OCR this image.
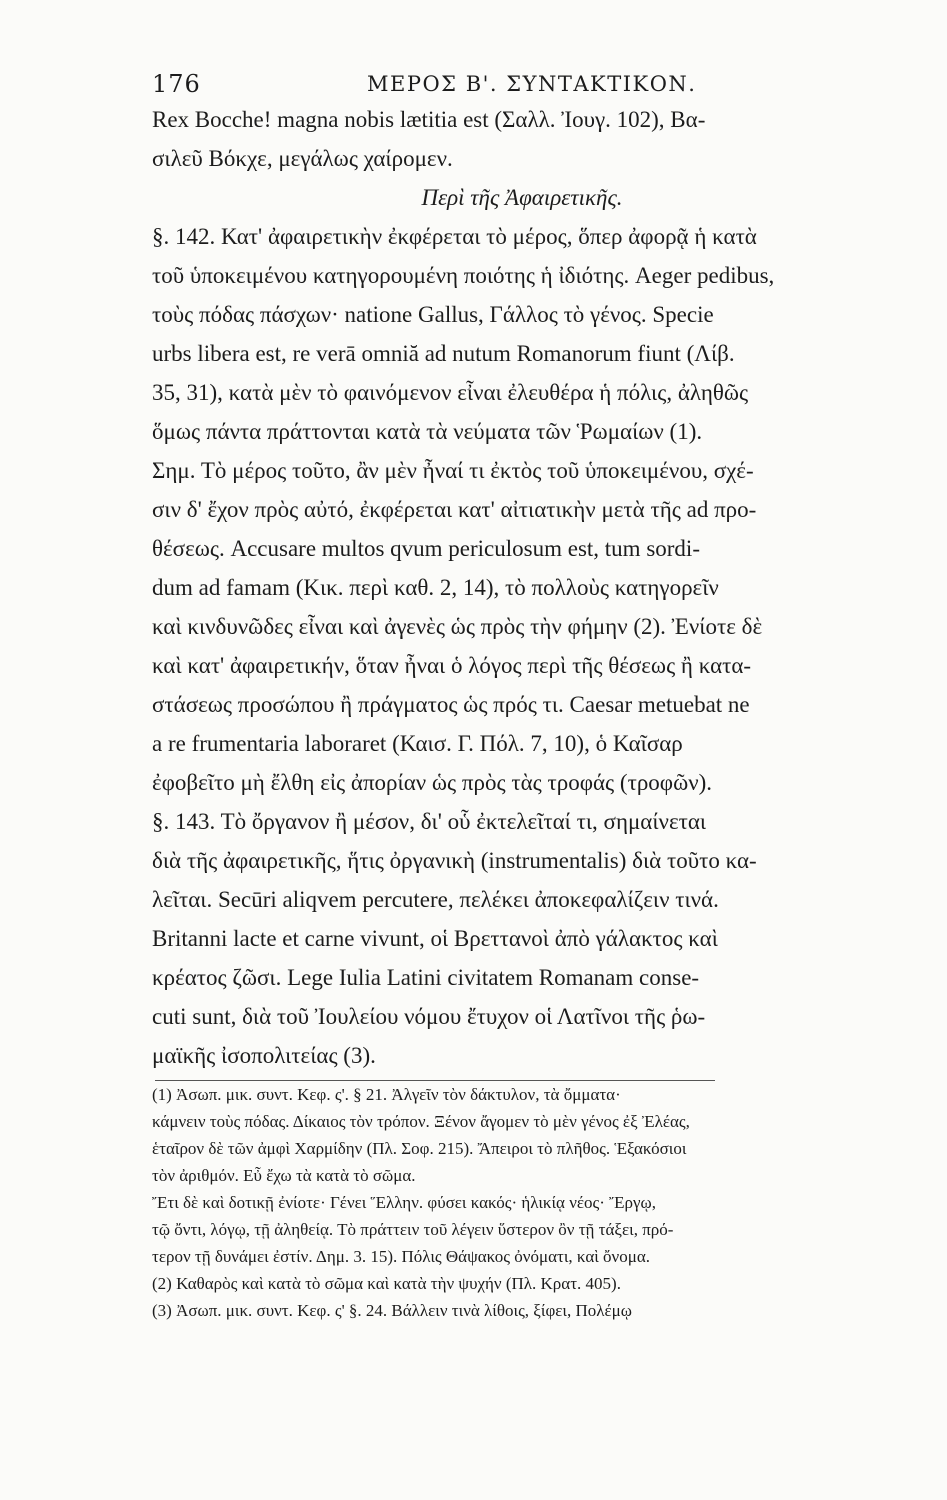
176	ΜΕΡΟΣ Β'. ΣΥΝΤΑΚΤΙΚΟΝ.
Rex Bocche! magna nobis lætitia est (Σαλλ. Ἰουγ. 102), Βα-
σιλεῦ Βόκχε, μεγάλως χαίρομεν.
Περὶ τῆς Ἀφαιρετικῆς.
§. 142. Κατ' ἀφαιρετικὴν ἐκφέρεται τὸ μέρος, ὅπερ ἀφορᾷ ἡ κατὰ
τοῦ ὑποκειμένου κατηγορουμένη ποιότης ἡ ἰδιότης. Aeger pedibus,
τοὺς πόδας πάσχων· natione Gallus, Γάλλος τὸ γένος. Specie
urbs libera est, re verā omniă ad nutum Romanorum fiunt (Λίβ.
35, 31), κατὰ μὲν τὸ φαινόμενον εἶναι ἐλευθέρα ἡ πόλις, ἀληθῶς
ὅμως πάντα πράττονται κατὰ τὰ νεύματα τῶν Ῥωμαίων (1).
Σημ. Τὸ μέρος τοῦτο, ἂν μὲν ἦναί τι ἐκτὸς τοῦ ὑποκειμένου, σχέ-
σιν δ' ἔχον πρὸς αὐτό, ἐκφέρεται κατ' αἰτιατικὴν μετὰ τῆς ad προ-
θέσεως. Accusare multos qvum periculosum est, tum sordi-
dum ad famam (Κικ. περὶ καθ. 2, 14), τὸ πολλοὺς κατηγορεῖν
καὶ κινδυνῶδες εἶναι καὶ ἀγενὲς ὡς πρὸς τὴν φήμην (2). Ἐνίοτε δὲ
καὶ κατ' ἀφαιρετικήν, ὅταν ἦναι ὁ λόγος περὶ τῆς θέσεως ἢ κατα-
στάσεως προσώπου ἢ πράγματος ὡς πρός τι. Caesar metuebat ne
a re frumentaria laboraret (Καισ. Γ. Πόλ. 7, 10), ὁ Καῖσαρ
ἐφοβεῖτο μὴ ἔλθη εἰς ἀπορίαν ὡς πρὸς τὰς τροφάς (τροφῶν).
§. 143. Τὸ ὄργανον ἢ μέσον, δι' οὗ ἐκτελεῖταί τι, σημαίνεται
διὰ τῆς ἀφαιρετικῆς, ἥτις ὀργανικὴ (instrumentalis) διὰ τοῦτο κα-
λεῖται. Secūri aliqvem percutere, πελέκει ἀποκεφαλίζειν τινά.
Britanni lacte et carne vivunt, οἱ Βρεττανοὶ ἀπὸ γάλακτος καὶ
κρέατος ζῶσι. Lege Iulia Latini civitatem Romanam conse-
cuti sunt, διὰ τοῦ Ἰουλείου νόμου ἔτυχον οἱ Λατῖνοι τῆς ῥω-
μαϊκῆς ἰσοπολιτείας (3).
(1) Ἀσωπ. μικ. συντ. Κεφ. ς'. § 21. Ἀλγεῖν τὸν δάκτυλον, τὰ ὄμματα·
κάμνειν τοὺς πόδας. Δίκαιος τὸν τρόπον. Ξένον ἄγομεν τὸ μὲν γένος ἐξ Ἐλέας,
ἑταῖρον δὲ τῶν ἀμφὶ Χαρμίδην (Πλ. Σοφ. 215). Ἄπειροι τὸ πλῆθος. Ἑξακόσιοι
τὸν ἀριθμόν. Εὖ ἔχω τὰ κατὰ τὸ σῶμα.
Ἔτι δὲ καὶ δοτικῇ ἐνίοτε· Γένει Ἕλλην. φύσει κακός· ἡλικίᾳ νέος· Ἔργῳ,
τῷ ὄντι, λόγῳ, τῇ ἀληθείᾳ. Τὸ πράττειν τοῦ λέγειν ὕστερον ὂν τῇ τάξει, πρό-
τερον τῇ δυνάμει ἐστίν. Δημ. 3. 15). Πόλις Θάψακος ὀνόματι, καὶ ὄνομα.
(2) Καθαρὸς καὶ κατὰ τὸ σῶμα καὶ κατὰ τὴν ψυχήν (Πλ. Κρατ. 405).
(3) Ἀσωπ. μικ. συντ. Κεφ. ς' §. 24. Βάλλειν τινὰ λίθοις, ξίφει, Πολέμῳ
